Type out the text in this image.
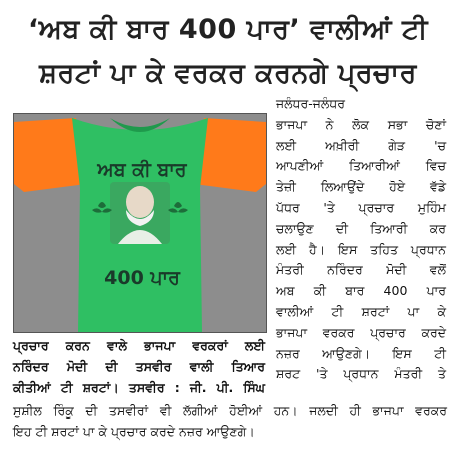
‘ਅਬ ਕੀ ਬਾਰ 400 ਪਾਰ’ ਵਾਲੀਆਂ ਟੀ
ਸ਼ਰਟਾਂ ਪਾ ਕੇ ਵਰਕਰ ਕਰਨਗੇ ਪ੍ਰਚਾਰ
ਅਬ ਕੀ ਬਾਰ
400 ਪਾਰ
ਪ੍ਰਚਾਰ ਕਰਨ ਵਾਲੇ ਭਾਜਪਾ ਵਰਕਰਾਂ ਲਈ
ਨਰਿੰਦਰ ਮੋਦੀ ਦੀ ਤਸਵੀਰ ਵਾਲੀ ਤਿਆਰ
ਕੀਤੀਆਂ ਟੀ ਸ਼ਰਟਾਂ। ਤਸਵੀਰ : ਜੀ. ਪੀ. ਸਿੰਘ
ਜਲੰਧਰ-ਜਲੰਧਰ
ਭਾਜਪਾ ਨੇ ਲੋਕ ਸਭਾ ਚੋਣਾਂ
ਲਈ ਅਖ਼ੀਰੀ ਗੇੜ 'ਚ
ਆਪਣੀਆਂ ਤਿਆਰੀਆਂ ਵਿਚ
ਤੇਜ਼ੀ ਲਿਆਉਂਦੇ ਹੋਏ ਵੱਡੇ
ਪੱਧਰ 'ਤੇ ਪ੍ਰਚਾਰ ਮੁਹਿੰਮ
ਚਲਾਉਣ ਦੀ ਤਿਆਰੀ ਕਰ
ਲਈ ਹੈ। ਇਸ ਤਹਿਤ ਪ੍ਰਧਾਨ
ਮੰਤਰੀ ਨਰਿੰਦਰ ਮੋਦੀ ਵਲੋਂ
ਅਬ ਕੀ ਬਾਰ 400 ਪਾਰ
ਵਾਲੀਆਂ ਟੀ ਸ਼ਰਟਾਂ ਪਾ ਕੇ
ਭਾਜਪਾ ਵਰਕਰ ਪ੍ਰਚਾਰ ਕਰਦੇ
ਨਜ਼ਰ ਆਉਣਗੇ। ਇਸ ਟੀ
ਸ਼ਰਟ 'ਤੇ ਪ੍ਰਧਾਨ ਮੰਤਰੀ ਤੇ
ਸੁਸ਼ੀਲ ਰਿੰਕੂ ਦੀ ਤਸਵੀਰਾਂ ਵੀ ਲੱਗੀਆਂ ਹੋਈਆਂ ਹਨ। ਜਲਦੀ ਹੀ ਭਾਜਪਾ ਵਰਕਰ
ਇਹ ਟੀ ਸ਼ਰਟਾਂ ਪਾ ਕੇ ਪ੍ਰਚਾਰ ਕਰਦੇ ਨਜ਼ਰ ਆਉਣਗੇ।
